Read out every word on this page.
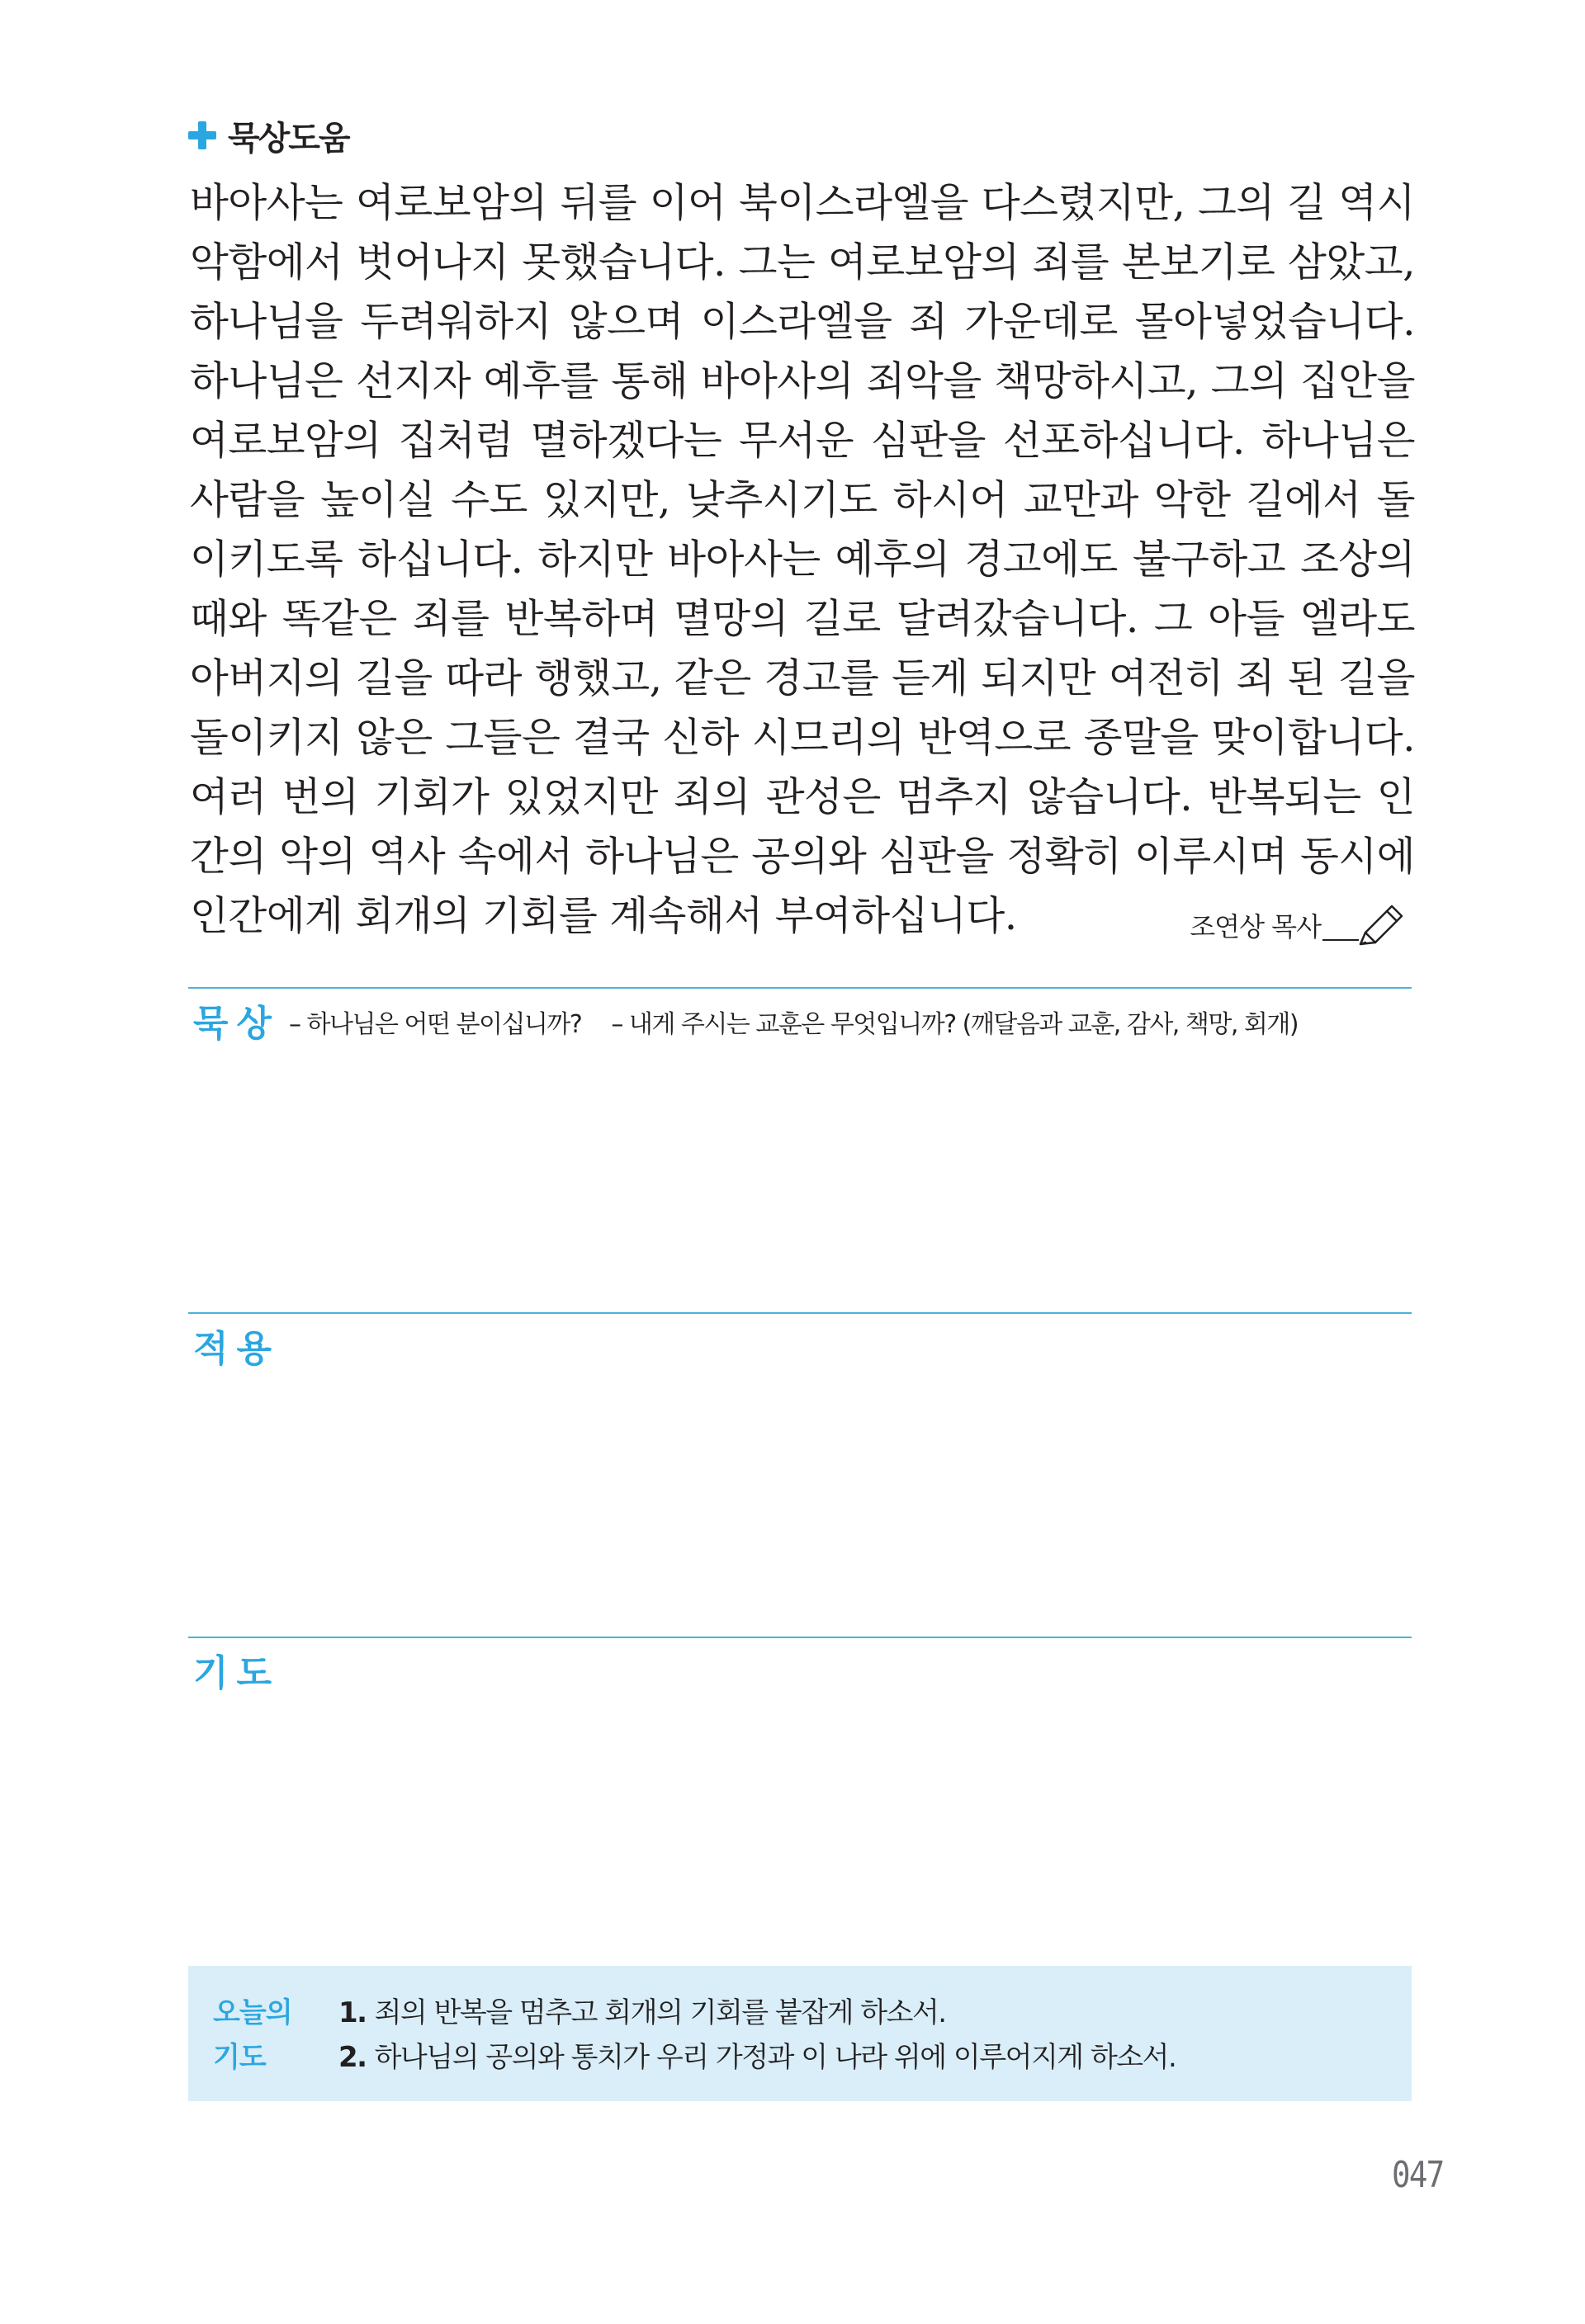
묵상도움

바아사는 여로보암의 뒤를 이어 북이스라엘을 다스렸지만, 그의 길 역시 악함에서 벗어나지 못했습니다. 그는 여로보암의 죄를 본보기로 삼았고, 하나님을 두려워하지 않으며 이스라엘을 죄 가운데로 몰아넣었습니다. 하나님은 선지자 예후를 통해 바아사의 죄악을 책망하시고, 그의 집안을 여로보암의 집처럼 멸하겠다는 무서운 심판을 선포하십니다. 하나님은 사람을 높이실 수도 있지만, 낮추시기도 하시어 교만과 악한 길에서 돌이키도록 하십니다. 하지만 바아사는 예후의 경고에도 불구하고 조상의 때와 똑같은 죄를 반복하며 멸망의 길로 달려갔습니다. 그 아들 엘라도 아버지의 길을 따라 행했고, 같은 경고를 듣게 되지만 여전히 죄 된 길을 돌이키지 않은 그들은 결국 신하 시므리의 반역으로 종말을 맞이합니다. 여러 번의 기회가 있었지만 죄의 관성은 멈추지 않습니다. 반복되는 인간의 악의 역사 속에서 하나님은 공의와 심판을 정확히 이루시며 동시에 인간에게 회개의 기회를 계속해서 부여하십니다.	조연상 목사
묵상 – 하나님은 어떤 분이십니까? – 내게 주시는 교훈은 무엇입니까? (깨달음과 교훈, 감사, 책망, 회개)
적용
기도
오늘의
기도
1. 죄의 반복을 멈추고 회개의 기회를 붙잡게 하소서.
2. 하나님의 공의와 통치가 우리 가정과 이 나라 위에 이루어지게 하소서.
047
